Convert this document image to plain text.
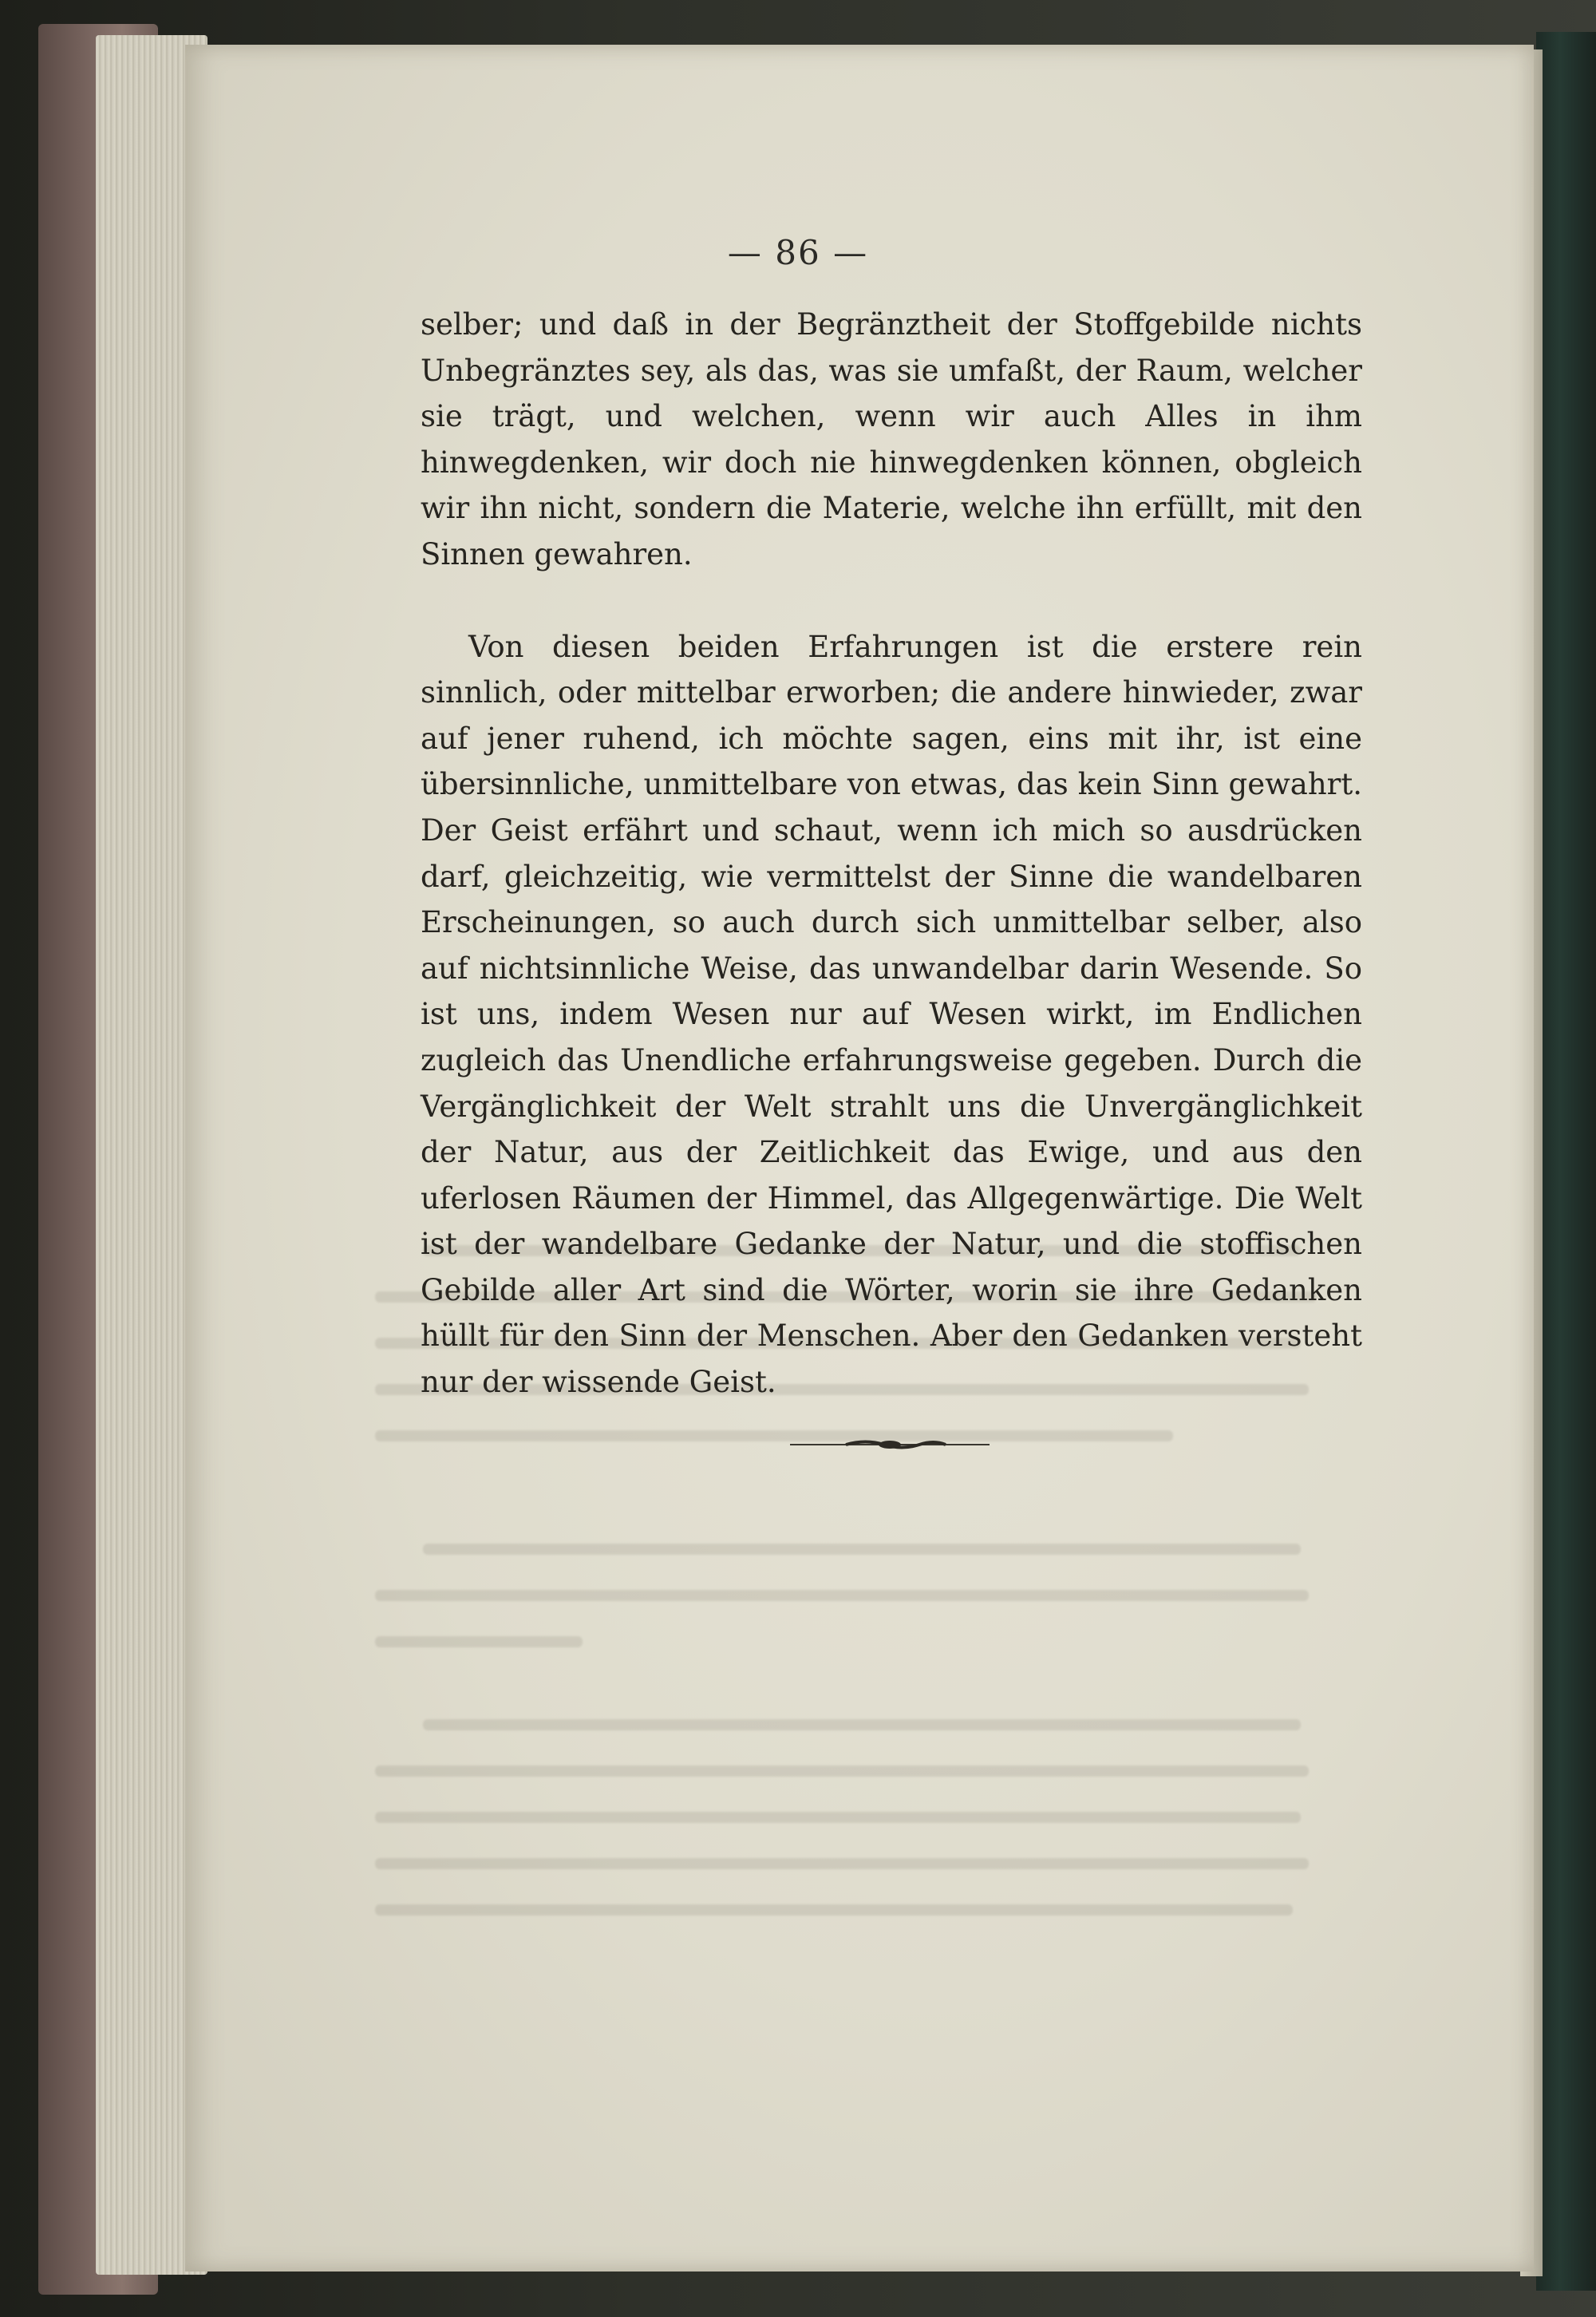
— 86 —

selber; und daß in der Begränztheit der Stoffgebilde nichts Unbegränztes sey, als das, was sie umfaßt, der Raum, welcher sie trägt, und welchen, wenn wir auch Alles in ihm hinwegdenken, wir doch nie hinwegdenken können, obgleich wir ihn nicht, sondern die Materie, welche ihn erfüllt, mit den Sinnen gewahren.

Von diesen beiden Erfahrungen ist die erstere rein sinnlich, oder mittelbar erworben; die andere hinwieder, zwar auf jener ruhend, ich möchte sagen, eins mit ihr, ist eine übersinnliche, unmittelbare von etwas, das kein Sinn gewahrt. Der Geist erfährt und schaut, wenn ich mich so ausdrücken darf, gleichzeitig, wie vermittelst der Sinne die wandelbaren Erscheinungen, so auch durch sich unmittelbar selber, also auf nichtsinnliche Weise, das unwandelbar darin Wesende. So ist uns, indem Wesen nur auf Wesen wirkt, im Endlichen zugleich das Unendliche erfahrungsweise gegeben. Durch die Vergänglichkeit der Welt strahlt uns die Unvergänglichkeit der Natur, aus der Zeitlichkeit das Ewige, und aus den uferlosen Räumen der Himmel, das Allgegenwärtige. Die Welt ist der wandelbare Gedanke der Natur, und die stoffischen Gebilde aller Art sind die Wörter, worin sie ihre Gedanken hüllt für den Sinn der Menschen. Aber den Gedanken versteht nur der wissende Geist.
